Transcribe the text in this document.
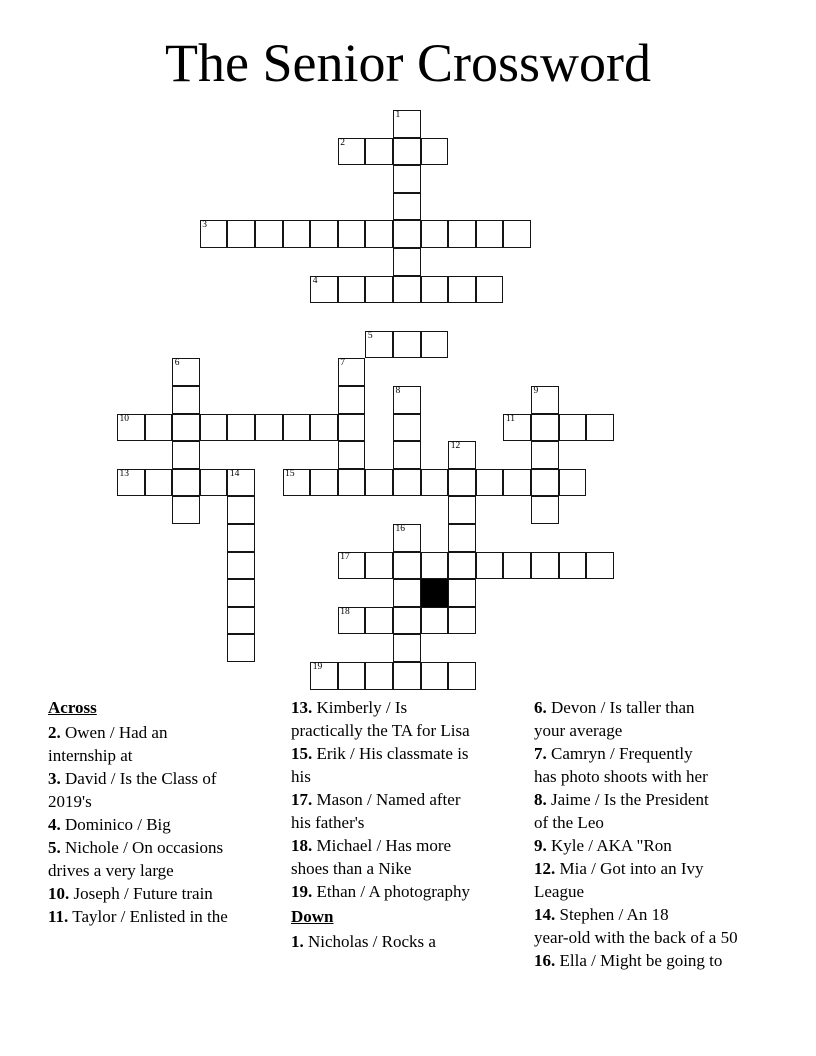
The Senior Crossword
1
2
3
4
5
6	7
8	9
10	11
12
13	14	15
16
17
18
19
Across
2. Owen / Had an
internship at
3. David / Is the Class of
2019's
4. Dominico / Big
5. Nichole / On occasions
drives a very large
10. Joseph / Future train
11. Taylor / Enlisted in the
13. Kimberly / Is
practically the TA for Lisa
15. Erik / His classmate is
his
17. Mason / Named after
his father's
18. Michael / Has more
shoes than a Nike
19. Ethan / A photography
Down
1. Nicholas / Rocks a
6. Devon / Is taller than
your average
7. Camryn / Frequently
has photo shoots with her
8. Jaime / Is the President
of the Leo
9. Kyle / AKA "Ron
12. Mia / Got into an Ivy
League
14. Stephen / An 18
year-old with the back of a 50
16. Ella / Might be going to
